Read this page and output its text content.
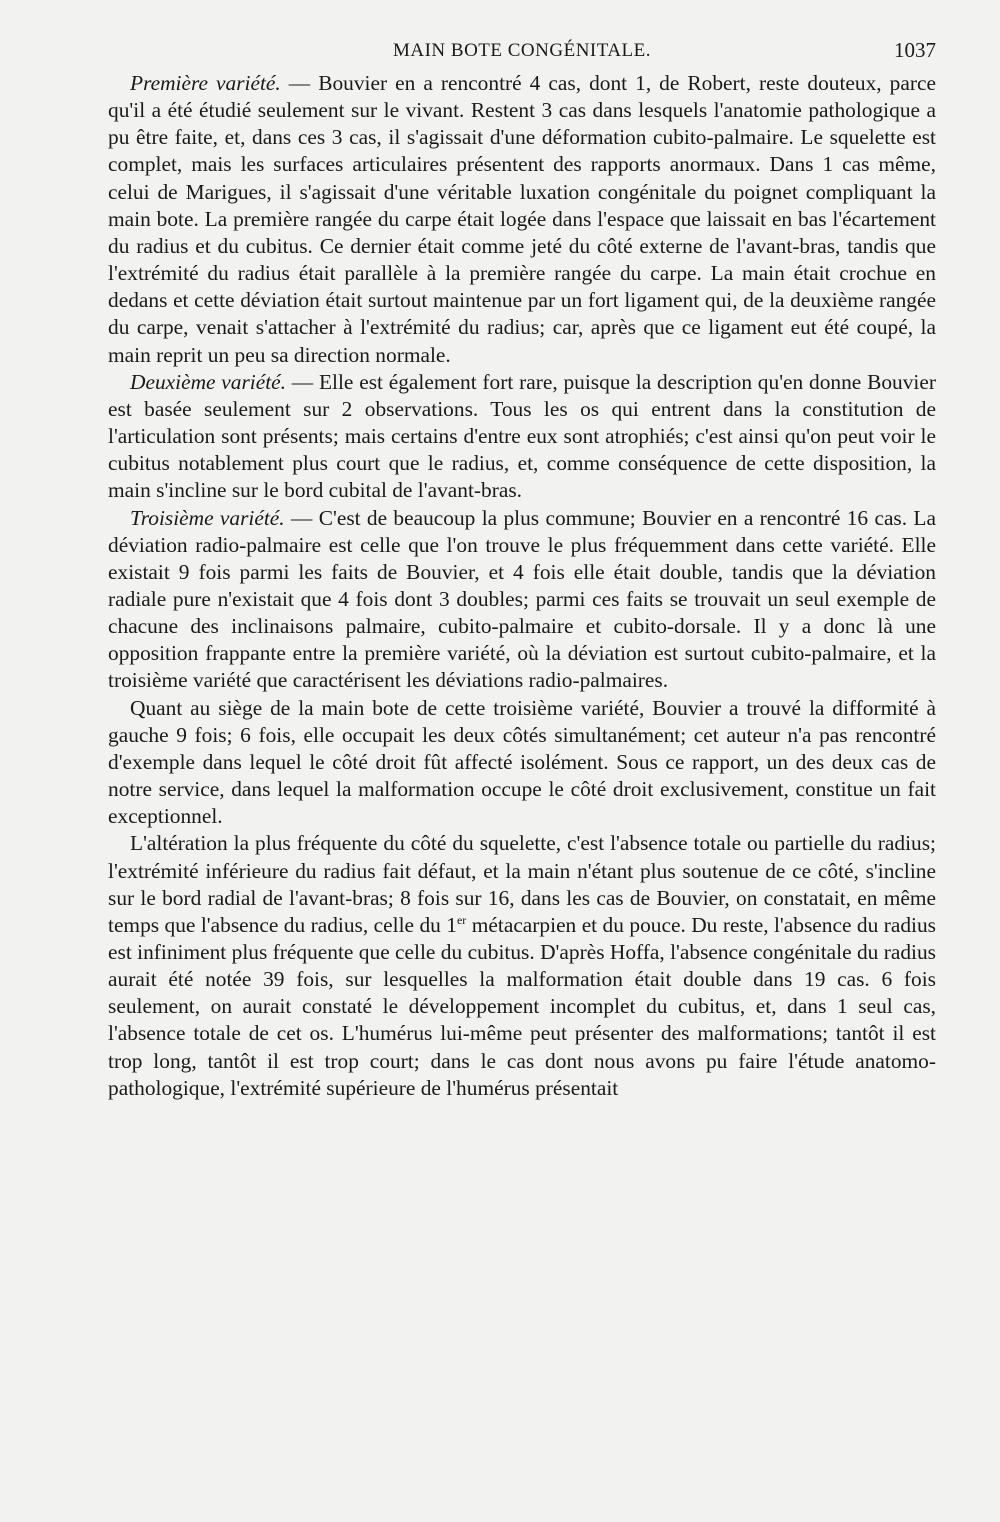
MAIN BOTE CONGÉNITALE.	1037

Première variété. — Bouvier en a rencontré 4 cas, dont 1, de Robert, reste douteux, parce qu'il a été étudié seulement sur le vivant. Restent 3 cas dans lesquels l'anatomie pathologique a pu être faite, et, dans ces 3 cas, il s'agissait d'une déformation cubito-palmaire. Le squelette est complet, mais les surfaces articulaires présentent des rapports anormaux. Dans 1 cas même, celui de Marigues, il s'agissait d'une véritable luxation congénitale du poignet compliquant la main bote. La première rangée du carpe était logée dans l'espace que laissait en bas l'écartement du radius et du cubitus. Ce dernier était comme jeté du côté externe de l'avant-bras, tandis que l'extrémité du radius était parallèle à la première rangée du carpe. La main était crochue en dedans et cette déviation était surtout maintenue par un fort ligament qui, de la deuxième rangée du carpe, venait s'attacher à l'extrémité du radius; car, après que ce ligament eut été coupé, la main reprit un peu sa direction normale.

Deuxième variété. — Elle est également fort rare, puisque la description qu'en donne Bouvier est basée seulement sur 2 observations. Tous les os qui entrent dans la constitution de l'articulation sont présents; mais certains d'entre eux sont atrophiés; c'est ainsi qu'on peut voir le cubitus notablement plus court que le radius, et, comme conséquence de cette disposition, la main s'incline sur le bord cubital de l'avant-bras.

Troisième variété. — C'est de beaucoup la plus commune; Bouvier en a rencontré 16 cas. La déviation radio-palmaire est celle que l'on trouve le plus fréquemment dans cette variété. Elle existait 9 fois parmi les faits de Bouvier, et 4 fois elle était double, tandis que la déviation radiale pure n'existait que 4 fois dont 3 doubles; parmi ces faits se trouvait un seul exemple de chacune des inclinaisons palmaire, cubito-palmaire et cubito-dorsale. Il y a donc là une opposition frappante entre la première variété, où la déviation est surtout cubito-palmaire, et la troisième variété que caractérisent les déviations radio-palmaires.

Quant au siège de la main bote de cette troisième variété, Bouvier a trouvé la difformité à gauche 9 fois; 6 fois, elle occupait les deux côtés simultanément; cet auteur n'a pas rencontré d'exemple dans lequel le côté droit fût affecté isolément. Sous ce rapport, un des deux cas de notre service, dans lequel la malformation occupe le côté droit exclusivement, constitue un fait exceptionnel.

L'altération la plus fréquente du côté du squelette, c'est l'absence totale ou partielle du radius; l'extrémité inférieure du radius fait défaut, et la main n'étant plus soutenue de ce côté, s'incline sur le bord radial de l'avant-bras; 8 fois sur 16, dans les cas de Bouvier, on constatait, en même temps que l'absence du radius, celle du 1er métacarpien et du pouce. Du reste, l'absence du radius est infiniment plus fréquente que celle du cubitus. D'après Hoffa, l'absence congénitale du radius aurait été notée 39 fois, sur lesquelles la malformation était double dans 19 cas. 6 fois seulement, on aurait constaté le développement incomplet du cubitus, et, dans 1 seul cas, l'absence totale de cet os. L'humérus lui-même peut présenter des malformations; tantôt il est trop long, tantôt il est trop court; dans le cas dont nous avons pu faire l'étude anatomo-pathologique, l'extrémité supérieure de l'humérus présentait
